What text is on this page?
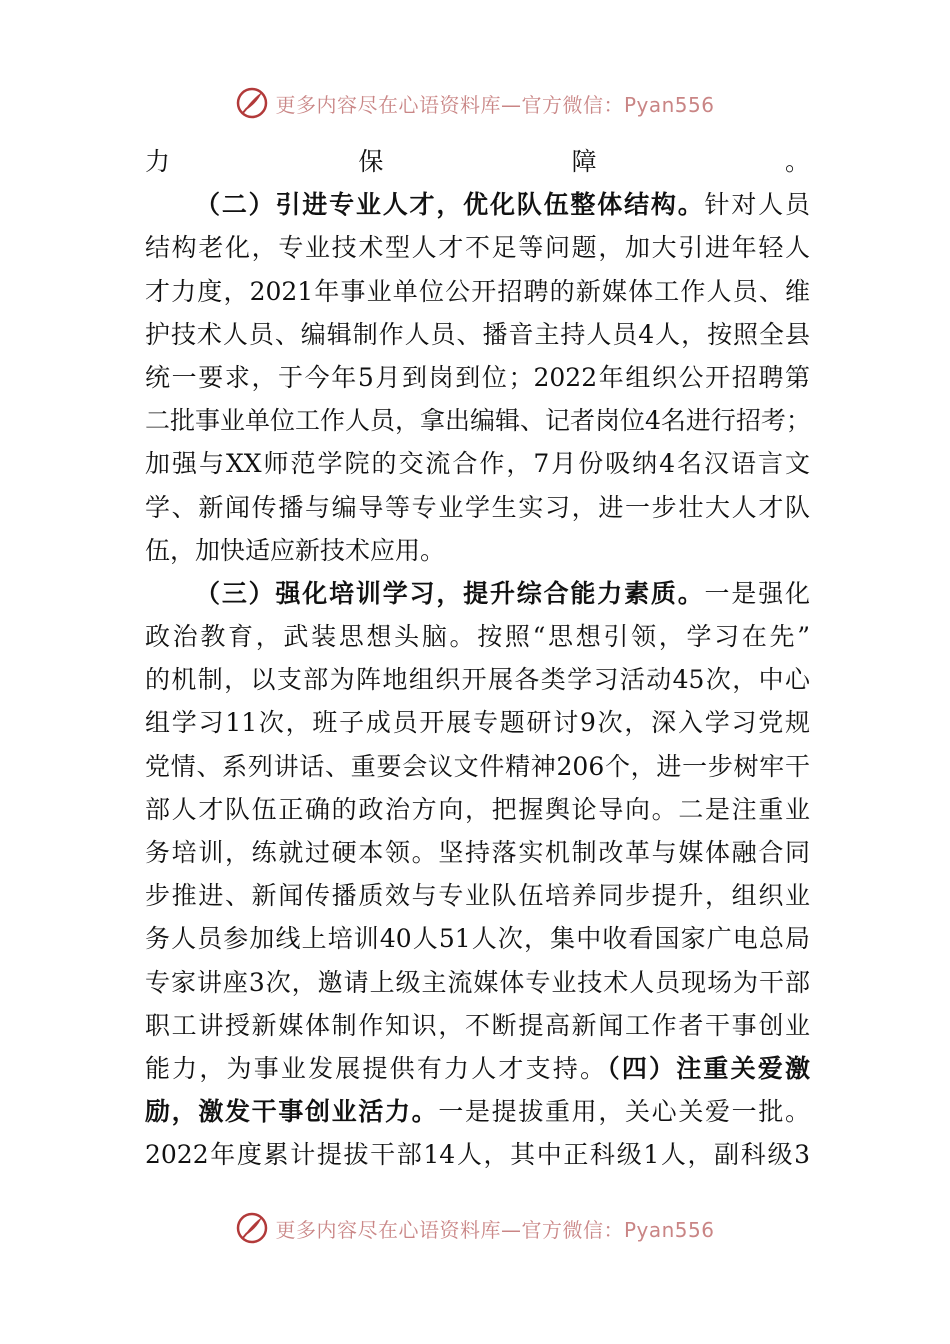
更多内容尽在心语资料库—官方微信：Pyan556
力保障。
（二）引进专业人才，优化队伍整体结构。针对人员
结构老化，专业技术型人才不足等问题，加大引进年轻人
才力度，2021年事业单位公开招聘的新媒体工作人员、维
护技术人员、编辑制作人员、播音主持人员4人，按照全县
统一要求，于今年5月到岗到位；2022年组织公开招聘第
二批事业单位工作人员，拿出编辑、记者岗位4名进行招考；
加强与XX师范学院的交流合作，7月份吸纳4名汉语言文
学、新闻传播与编导等专业学生实习，进一步壮大人才队
伍，加快适应新技术应用。
（三）强化培训学习，提升综合能力素质。一是强化
政治教育，武装思想头脑。按照“思想引领，学习在先”
的机制，以支部为阵地组织开展各类学习活动45次，中心
组学习11次，班子成员开展专题研讨9次，深入学习党规
党情、系列讲话、重要会议文件精神206个，进一步树牢干
部人才队伍正确的政治方向，把握舆论导向。二是注重业
务培训，练就过硬本领。坚持落实机制改革与媒体融合同
步推进、新闻传播质效与专业队伍培养同步提升，组织业
务人员参加线上培训40人51人次，集中收看国家广电总局
专家讲座3次，邀请上级主流媒体专业技术人员现场为干部
职工讲授新媒体制作知识，不断提高新闻工作者干事创业
能力，为事业发展提供有力人才支持。（四）注重关爱激
励，激发干事创业活力。一是提拔重用，关心关爱一批。
2022年度累计提拔干部14人，其中正科级1人，副科级3
更多内容尽在心语资料库—官方微信：Pyan556
